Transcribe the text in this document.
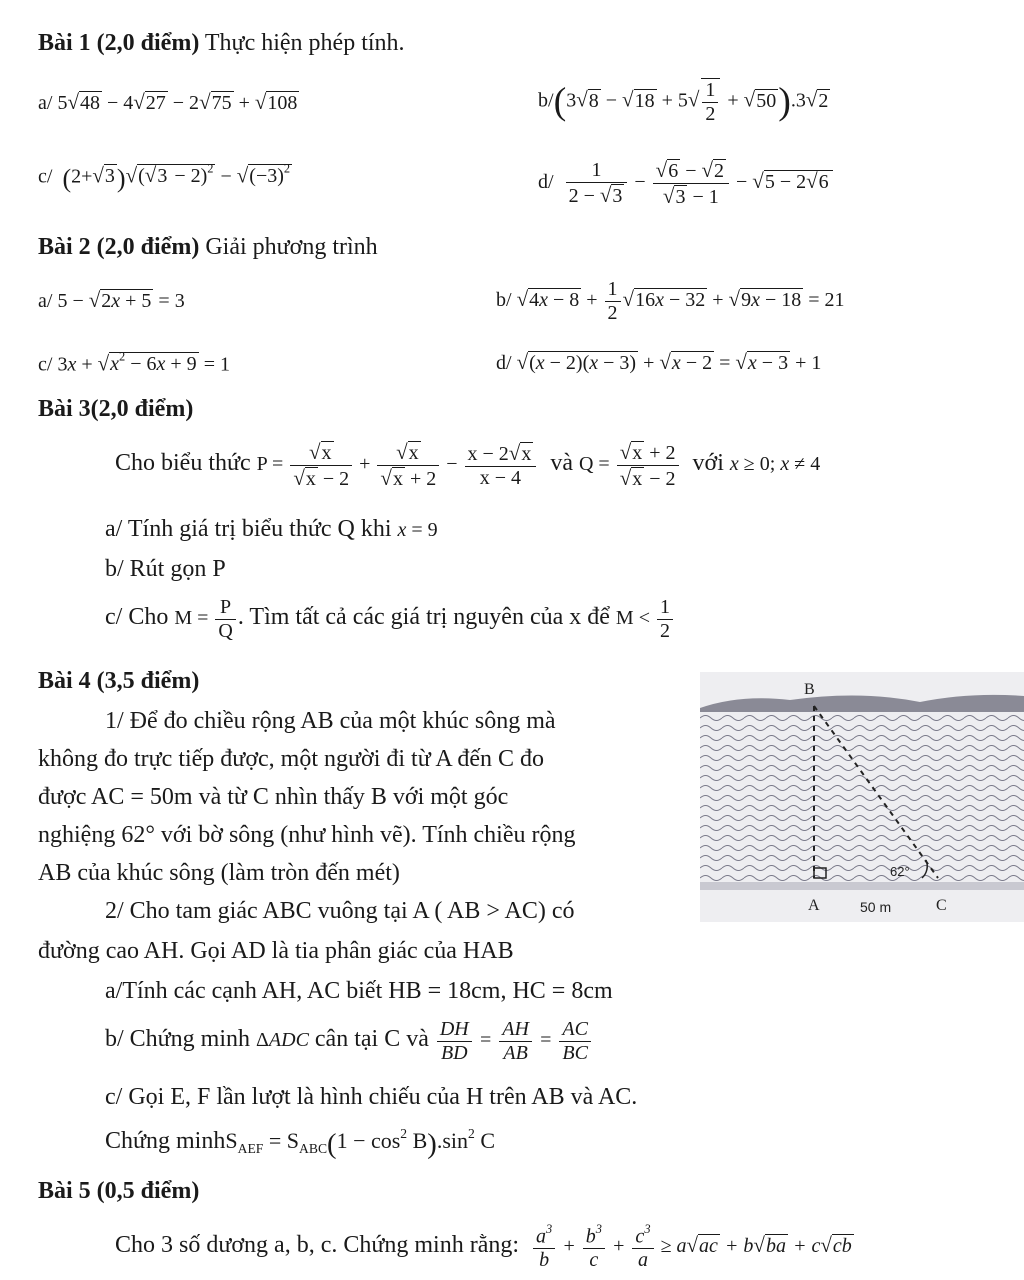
Bài 1 (2,0 điểm) Thực hiện phép tính.
a/ 5√48 − 4√27 − 2√75 + √108	$b/(3√8 - √18 + 5√ \frac{1}{2} + √50).3√2$
c/ $(2+√3)√(√3 - 2)^2 - √(-3)^2$
$d/ \frac{1}{2 - √3} - \frac{√6 - √2}{√3 - 1} - √5 - 2√6$
Bài 2 (2,0 điểm) Giải phương trình
a/ 5 − √2x + 5 = 3	b/ $√4x - 8 + \frac{1}{2} √16x - 32 + √9x - 18 = 21$
c/ $3x + √x^2 - 6x + 9 = 1$	d/ √(x − 2)(x − 3) + √x − 2 = √x − 3 + 1
Bài 3(2,0 điểm)
Cho biểu thức $P = \frac{√x}{√x - 2} + \frac{√x}{√x + 2} - \frac{x - 2√x}{x - 4}$ và $Q = \frac{√x + 2}{√x - 2}$ với x ≥ 0; x ≠ 4
a/ Tính giá trị biểu thức Q khi x = 9
b/ Rút gọn P
c/ Cho $M = \frac{P}{Q}$ . Tìm tất cả các giá trị nguyên của x để $M < \frac{1}{2}$
Bài 4 (3,5 điểm)
1/ Để đo chiều rộng AB của một khúc sông mà
không đo trực tiếp được, một người đi từ A đến C đo
được AC = 50m và từ C nhìn thấy B với một góc
nghiệng 62° với bờ sông (như hình vẽ). Tính chiều rộng
AB của khúc sông (làm tròn đến mét)
2/ Cho tam giác ABC vuông tại A ( AB > AC) có
đường cao AH. Gọi AD là tia phân giác của HAB
a/Tính các cạnh AH, AC biết HB = 18cm, HC = 8cm
b/ Chứng minh ΔADC cân tại C và $\frac{DH}{BD} = \frac{AH}{AB} = \frac{AC}{BC}$
c/ Gọi E, F lần lượt là hình chiếu của H trên AB và AC.
Chứng minhS$_{AEF}$ = $S_{ABC}(1 - \cos^2 B).\sin^2$ C
B
A	C
50 m
62°
Bài 5 (0,5 điểm)
Cho 3 số dương a, b, c. Chứng minh rằng: $\frac{a^3}{b} + \frac{b^3}{c} + \frac{c^3}{a} \ge a√ac + b√ba + c√cb$
